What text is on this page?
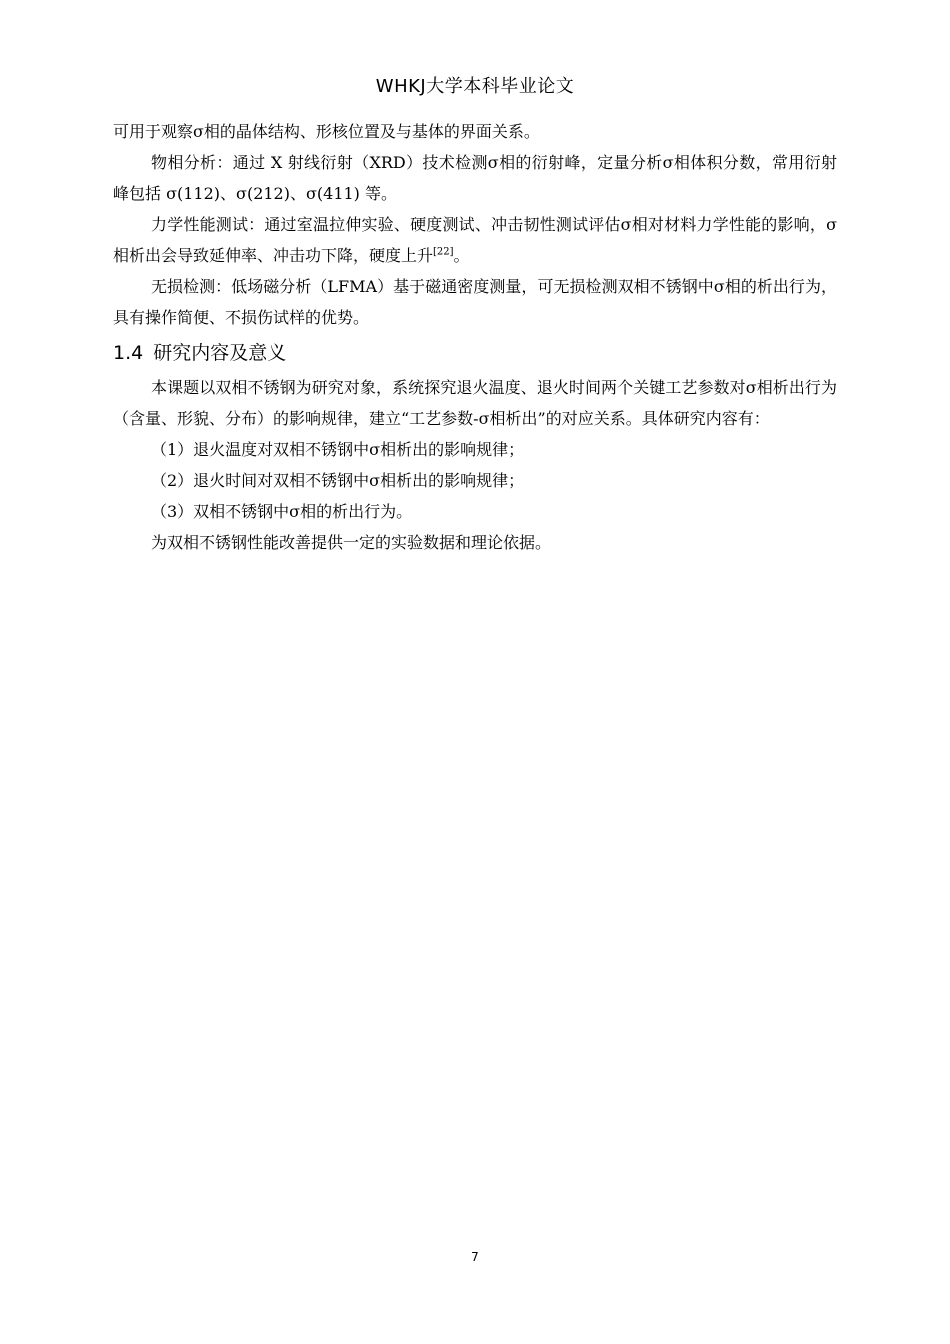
WHKJ大学本科毕业论文

可用于观察σ相的晶体结构、形核位置及与基体的界面关系。

物相分析：通过 X 射线衍射（XRD）技术检测σ相的衍射峰，定量分析σ相体积分数，常用衍射峰包括 σ(112)、σ(212)、σ(411) 等。

力学性能测试：通过室温拉伸实验、硬度测试、冲击韧性测试评估σ相对材料力学性能的影响，σ相析出会导致延伸率、冲击功下降，硬度上升[22]。

无损检测：低场磁分析（LFMA）基于磁通密度测量，可无损检测双相不锈钢中σ相的析出行为，具有操作简便、不损伤试样的优势。

1.4 研究内容及意义

本课题以双相不锈钢为研究对象，系统探究退火温度、退火时间两个关键工艺参数对σ相析出行为（含量、形貌、分布）的影响规律，建立“工艺参数-σ相析出”的对应关系。具体研究内容有：

（1）退火温度对双相不锈钢中σ相析出的影响规律；

（2）退火时间对双相不锈钢中σ相析出的影响规律；

（3）双相不锈钢中σ相的析出行为。

为双相不锈钢性能改善提供一定的实验数据和理论依据。

7
